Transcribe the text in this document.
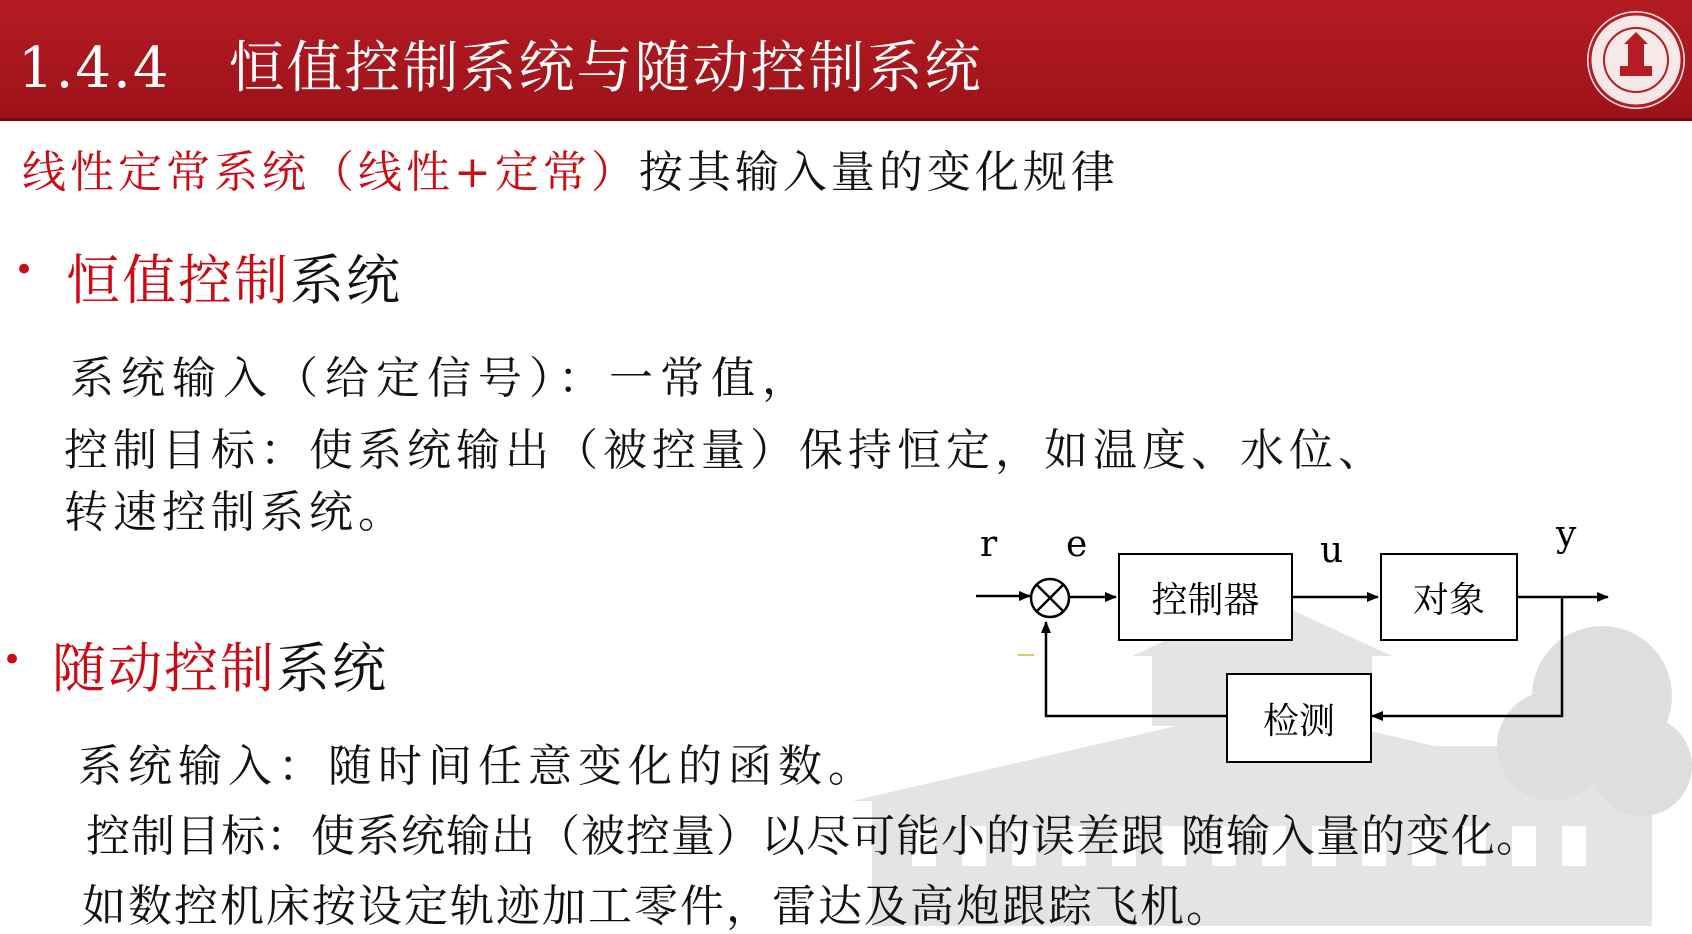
1.4.4 恒值控制系统与随动控制系统
线性定常系统（线性+定常）按其输入量的变化规律
• 恒值控制系统
系统输入（给定信号）：一常值，
控制目标：使系统输出（被控量）保持恒定，如温度、水位、
转速控制系统。
• 随动控制系统
系统输入：随时间任意变化的函数。
控制目标：使系统输出（被控量）以尽可能小的误差跟 随输入量的变化。
如数控机床按设定轨迹加工零件，雷达及高炮跟踪飞机。
控制器	对象
检测
r e	u	y
